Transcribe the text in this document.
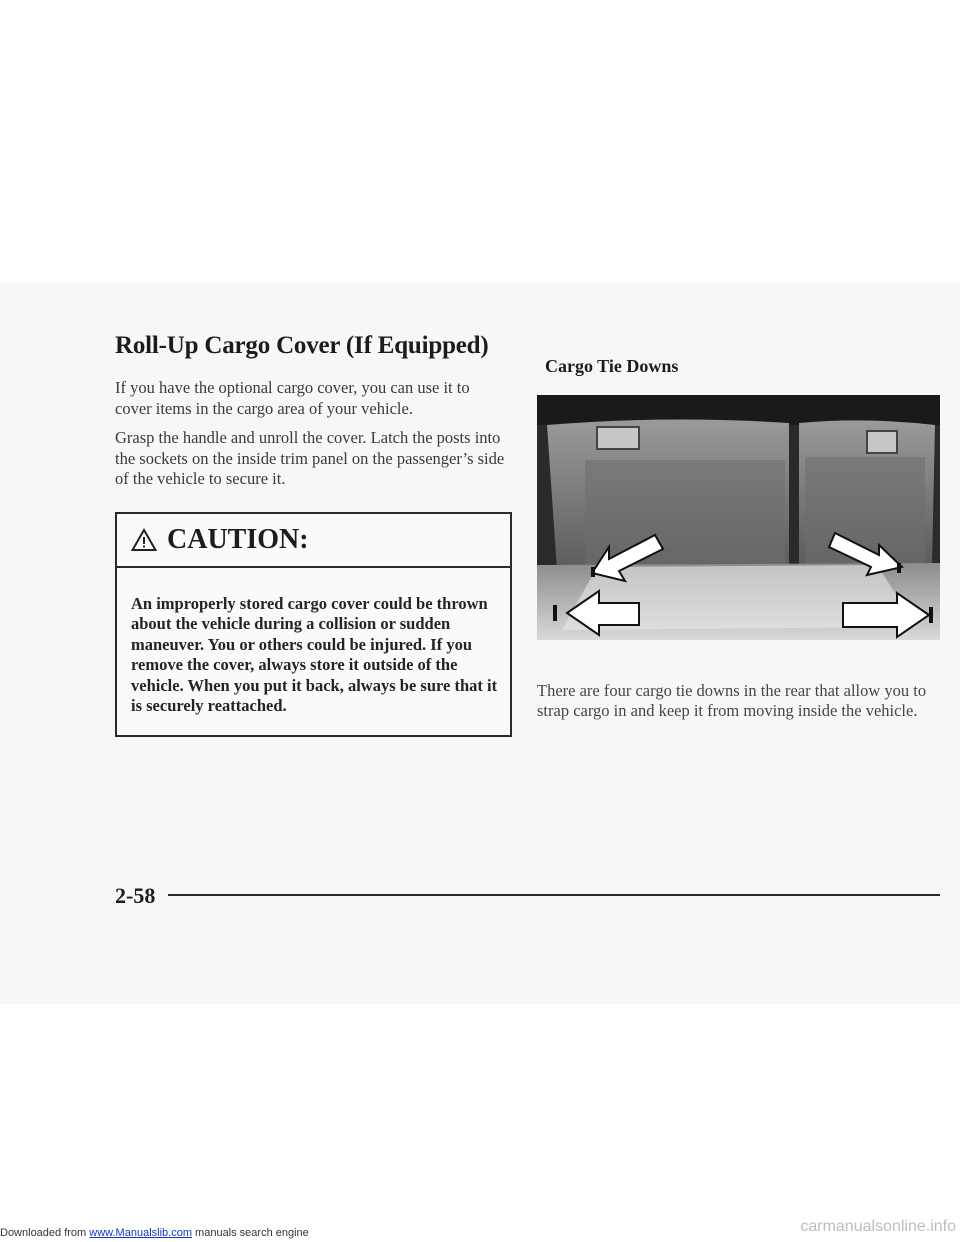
Roll-Up Cargo Cover (If Equipped)

If you have the optional cargo cover, you can use it to cover items in the cargo area of your vehicle.

Grasp the handle and unroll the cover. Latch the posts into the sockets on the inside trim panel on the passenger’s side of the vehicle to secure it.

CAUTION:
An improperly stored cargo cover could be thrown about the vehicle during a collision or sudden maneuver. You or others could be injured. If you remove the cover, always store it outside of the vehicle. When you put it back, always be sure that it is securely reattached.
Cargo Tie Downs

There are four cargo tie downs in the rear that allow you to strap cargo in and keep it from moving inside the vehicle.

2-58
Downloaded from www.Manualslib.com manuals search engine	carmanualsonline.info
